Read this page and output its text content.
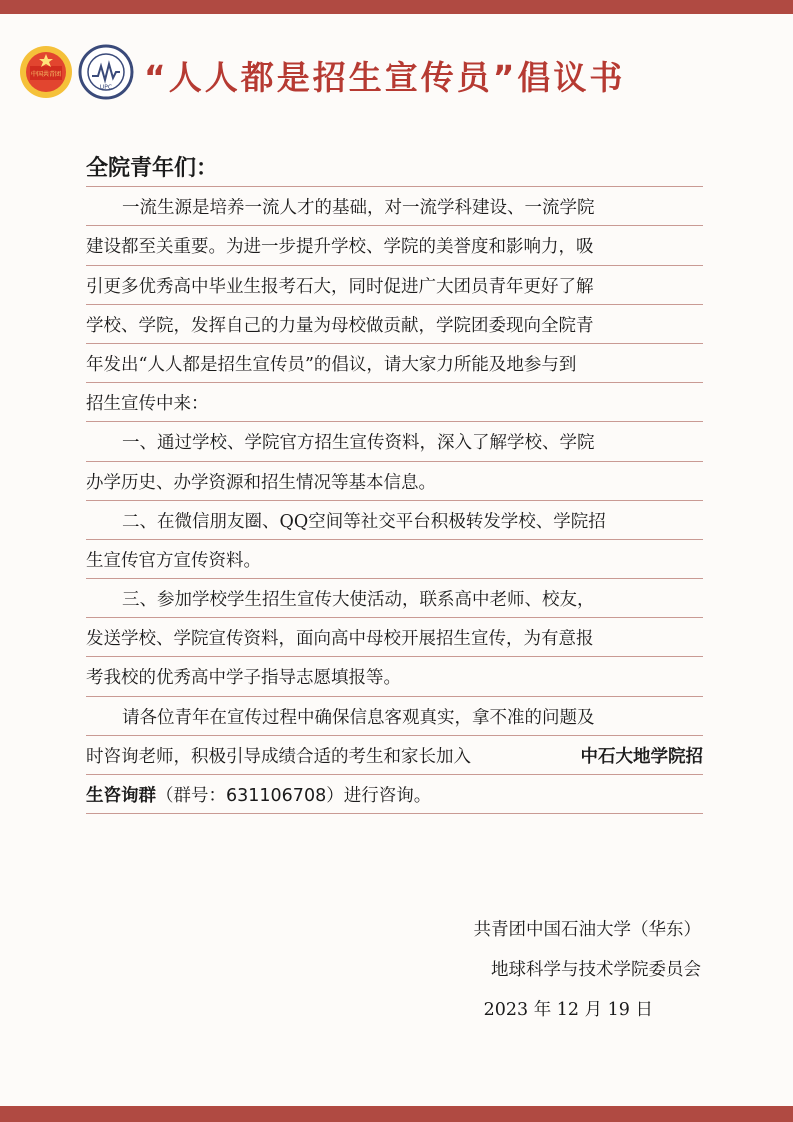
中国共青团
UPC “人人都是招生宣传员”倡议书
全院青年们：
一流生源是培养一流人才的基础，对一流学科建设、一流学院
建设都至关重要。为进一步提升学校、学院的美誉度和影响力，吸
引更多优秀高中毕业生报考石大，同时促进广大团员青年更好了解
学校、学院，发挥自己的力量为母校做贡献，学院团委现向全院青
年发出“人人都是招生宣传员”的倡议，请大家力所能及地参与到
招生宣传中来：
一、通过学校、学院官方招生宣传资料，深入了解学校、学院
办学历史、办学资源和招生情况等基本信息。
二、在微信朋友圈、QQ空间等社交平台积极转发学校、学院招
生宣传官方宣传资料。
三、参加学校学生招生宣传大使活动，联系高中老师、校友，
发送学校、学院宣传资料，面向高中母校开展招生宣传，为有意报
考我校的优秀高中学子指导志愿填报等。
请各位青年在宣传过程中确保信息客观真实，拿不准的问题及
时咨询老师，积极引导成绩合适的考生和家长加入	中石大地学院招
生咨询群 （群号：631106708）进行咨询。
共青团中国石油大学（华东）
地球科学与技术学院委员会
2023 年 12 月 19 日
